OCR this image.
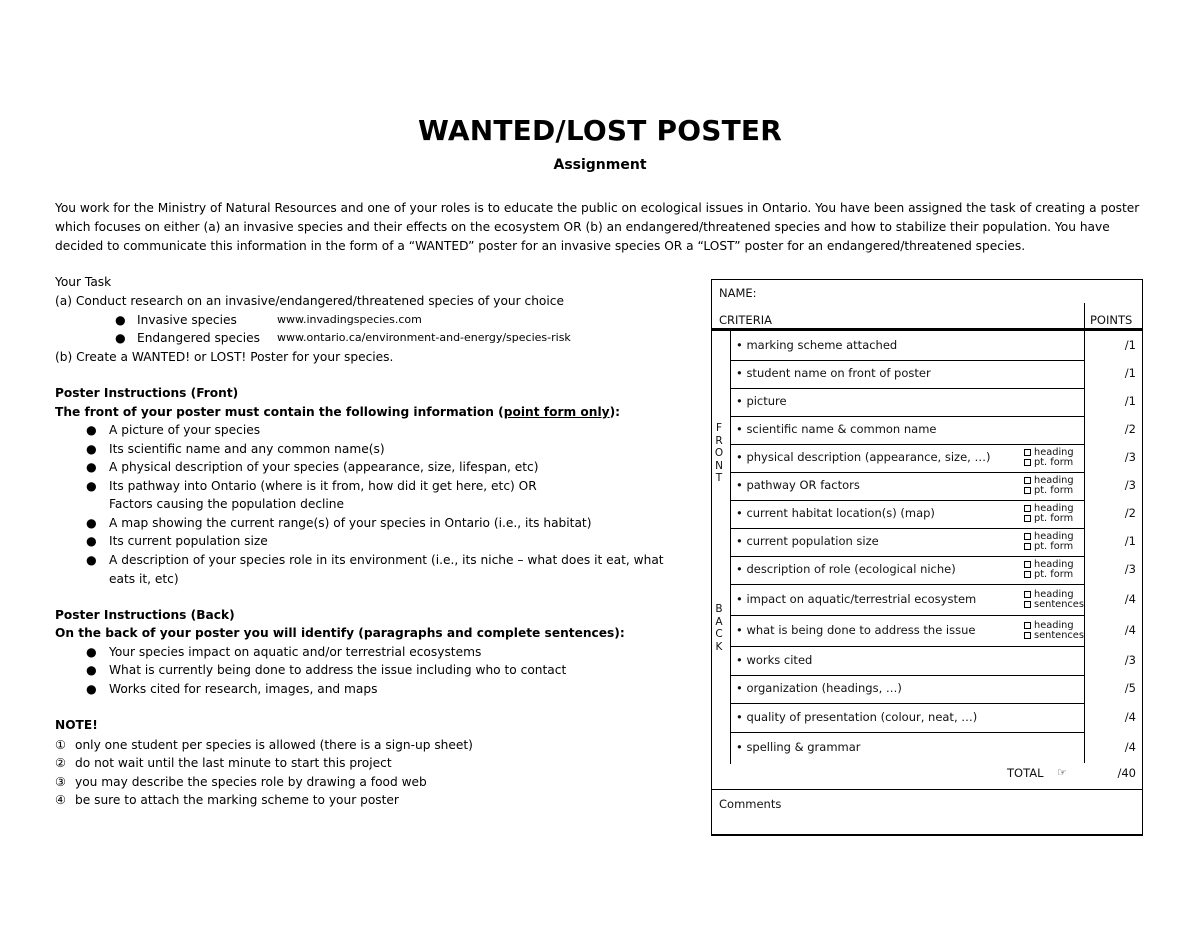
WANTED/LOST POSTER
Assignment
You work for the Ministry of Natural Resources and one of your roles is to educate the public on ecological issues in Ontario. You have been assigned the task of creating a poster which focuses on either (a) an invasive species and their effects on the ecosystem OR (b) an endangered/threatened species and how to stabilize their population. You have decided to communicate this information in the form of a “WANTED” poster for an invasive species OR a “LOST” poster for an endangered/threatened species.
Your Task
(a) Conduct research on an invasive/endangered/threatened species of your choice
● Invasive species	www.invadingspecies.com
● Endangered species www.ontario.ca/environment-and-energy/species-risk
(b) Create a WANTED! or LOST! Poster for your species.
Poster Instructions (Front)
The front of your poster must contain the following information (point form only):
● A picture of your species
● Its scientific name and any common name(s)
● A physical description of your species (appearance, size, lifespan, etc)
● Its pathway into Ontario (where is it from, how did it get here, etc) OR
Factors causing the population decline
● A map showing the current range(s) of your species in Ontario (i.e., its habitat)
● Its current population size
● A description of your species role in its environment (i.e., its niche – what does it eat, what
eats it, etc)
Poster Instructions (Back)
On the back of your poster you will identify (paragraphs and complete sentences):
● Your species impact on aquatic and/or terrestrial ecosystems
● What is currently being done to address the issue including who to contact
● Works cited for research, images, and maps
NOTE!
① only one student per species is allowed (there is a sign-up sheet)
② do not wait until the last minute to start this project
③ you may describe the species role by drawing a food web
④ be sure to attach the marking scheme to your poster
NAME:
CRITERIA	POINTS
F
R
O
N
T
B
A
C
K
• marking scheme attached	/1
• student name on front of poster	/1
• picture	/1
• scientific name & common name	/2
• physical description (appearance, size, …)	/3
heading
pt. form
• pathway OR factors	/3
heading
pt. form
• current habitat location(s) (map)	/2
heading
pt. form
• current population size	/1
heading
pt. form
• description of role (ecological niche)	/3
heading
pt. form
• impact on aquatic/terrestrial ecosystem	/4
heading
sentences
• what is being done to address the issue	/4
heading
sentences
• works cited	/3
• organization (headings, …)	/5
• quality of presentation (colour, neat, …)	/4
• spelling & grammar	/4
TOTAL ☞	/40
Comments
